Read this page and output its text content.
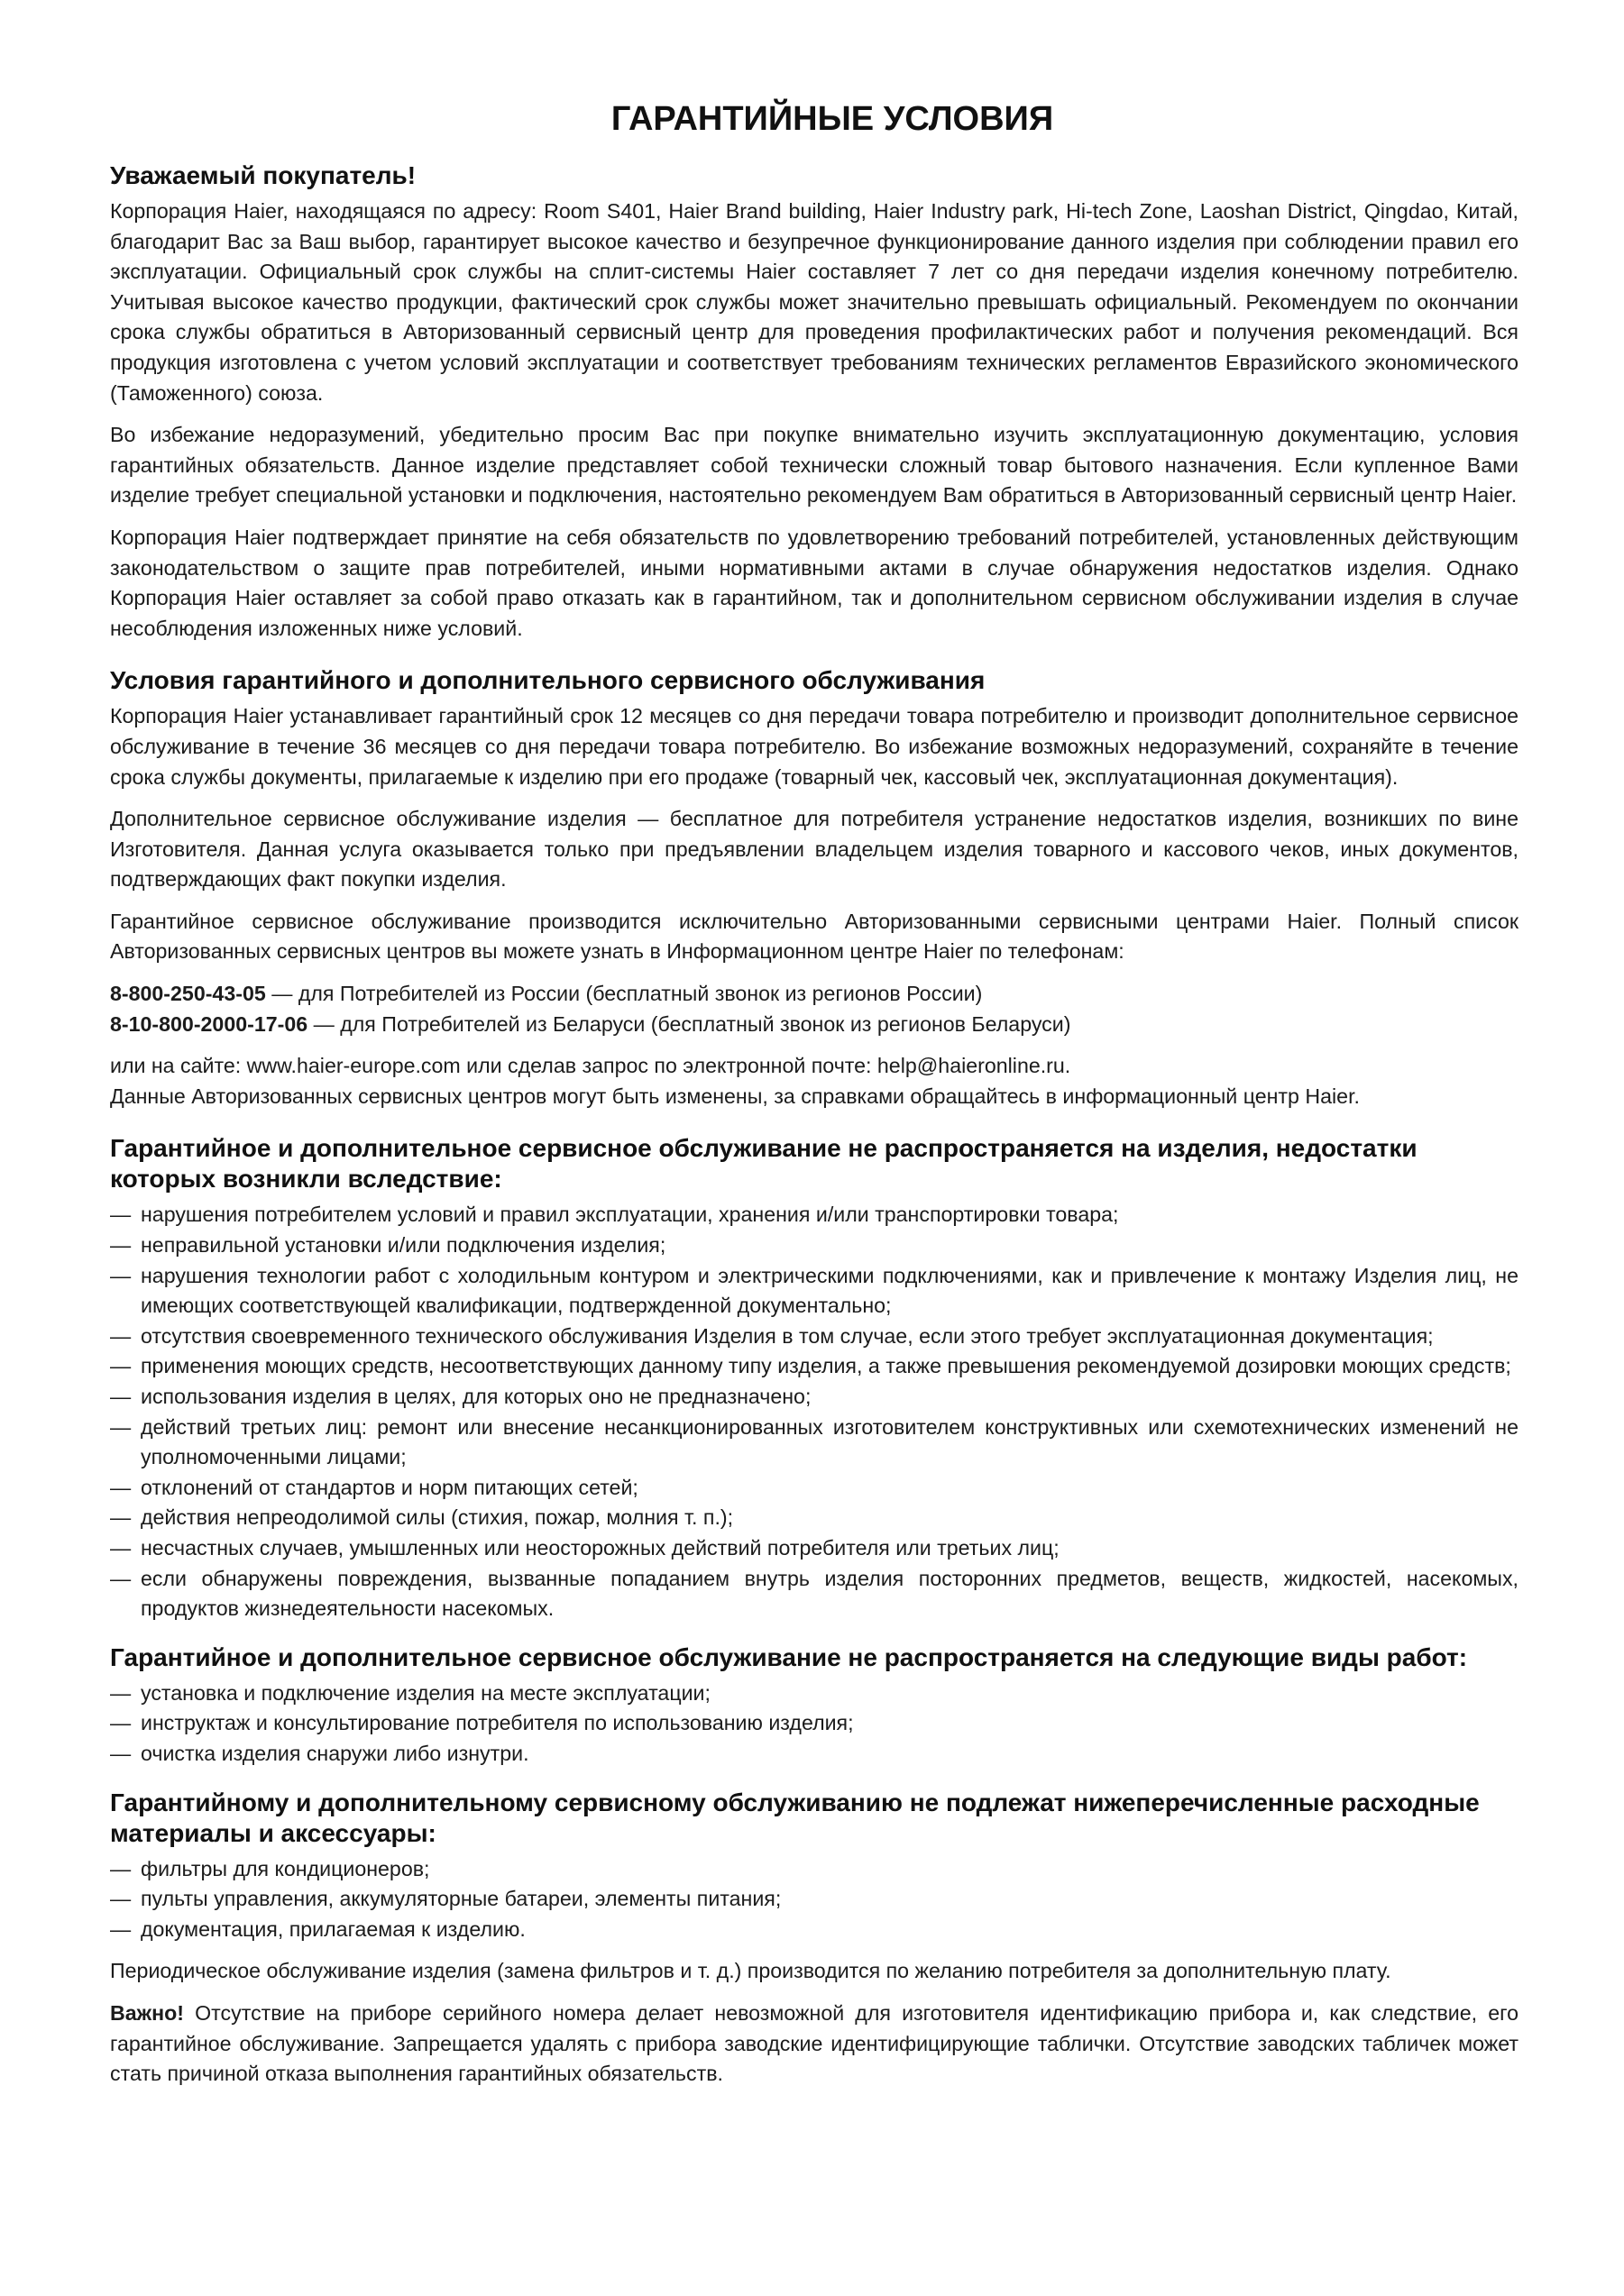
ГАРАНТИЙНЫЕ УСЛОВИЯ
Уважаемый покупатель!

Корпорация Haier, находящаяся по адресу: Room S401, Haier Brand building, Haier Industry park, Hi-tech Zone, Laoshan District, Qingdao, Китай, благодарит Вас за Ваш выбор, гарантирует высокое качество и безупречное функционирование данного изделия при соблюдении правил его эксплуатации. Официальный срок службы на сплит-системы Haier составляет 7 лет со дня передачи изделия конечному потребителю. Учитывая высокое качество продукции, фактический срок службы может значительно превышать официальный. Рекомендуем по окончании срока службы обратиться в Авторизованный сервисный центр для проведения профилактических работ и получения рекомендаций. Вся продукция изготовлена с учетом условий эксплуатации и соответствует требованиям технических регламентов Евразийского экономического (Таможенного) союза.

Во избежание недоразумений, убедительно просим Вас при покупке внимательно изучить эксплуатационную документацию, условия гарантийных обязательств. Данное изделие представляет собой технически сложный товар бытового назначения. Если купленное Вами изделие требует специальной установки и подключения, настоятельно рекомендуем Вам обратиться в Авторизованный сервисный центр Haier.

Корпорация Haier подтверждает принятие на себя обязательств по удовлетворению требований потребителей, установленных действующим законодательством о защите прав потребителей, иными нормативными актами в случае обнаружения недостатков изделия. Однако Корпорация Haier оставляет за собой право отказать как в гарантийном, так и дополнительном сервисном обслуживании изделия в случае несоблюдения изложенных ниже условий.

Условия гарантийного и дополнительного сервисного обслуживания

Корпорация Haier устанавливает гарантийный срок 12 месяцев со дня передачи товара потребителю и производит дополнительное сервисное обслуживание в течение 36 месяцев со дня передачи товара потребителю. Во избежание возможных недоразумений, сохраняйте в течение срока службы документы, прилагаемые к изделию при его продаже (товарный чек, кассовый чек, эксплуатационная документация).

Дополнительное сервисное обслуживание изделия — бесплатное для потребителя устранение недостатков изделия, возникших по вине Изготовителя. Данная услуга оказывается только при предъявлении владельцем изделия товарного и кассового чеков, иных документов, подтверждающих факт покупки изделия.

Гарантийное сервисное обслуживание производится исключительно Авторизованными сервисными центрами Haier. Полный список Авторизованных сервисных центров вы можете узнать в Информационном центре Haier по телефонам:

8-800-250-43-05 — для Потребителей из России (бесплатный звонок из регионов России)
8-10-800-2000-17-06 — для Потребителей из Беларуси (бесплатный звонок из регионов Беларуси)
или на сайте: www.haier-europe.com или сделав запрос по электронной почте: help@haieronline.ru.
Данные Авторизованных сервисных центров могут быть изменены, за справками обращайтесь в информационный центр Haier.
Гарантийное и дополнительное сервисное обслуживание не распространяется на изделия, недостатки которых возникли вследствие:
— нарушения потребителем условий и правил эксплуатации, хранения и/или транспортировки товара;
— неправильной установки и/или подключения изделия;
— нарушения технологии работ с холодильным контуром и электрическими подключениями, как и привлечение к монтажу Изделия лиц, не имеющих соответствующей квалификации, подтвержденной документально;
— отсутствия своевременного технического обслуживания Изделия в том случае, если этого требует эксплуатационная документация;
— применения моющих средств, несоответствующих данному типу изделия, а также превышения рекомендуемой дозировки моющих средств;
— использования изделия в целях, для которых оно не предназначено;
— действий третьих лиц: ремонт или внесение несанкционированных изготовителем конструктивных или схемотехнических изменений не уполномоченными лицами;
— отклонений от стандартов и норм питающих сетей;
— действия непреодолимой силы (стихия, пожар, молния т. п.);
— несчастных случаев, умышленных или неосторожных действий потребителя или третьих лиц;
— если обнаружены повреждения, вызванные попаданием внутрь изделия посторонних предметов, веществ, жидкостей, насекомых, продуктов жизнедеятельности насекомых.
Гарантийное и дополнительное сервисное обслуживание не распространяется на следующие виды работ:
— установка и подключение изделия на месте эксплуатации;
— инструктаж и консультирование потребителя по использованию изделия;
— очистка изделия снаружи либо изнутри.
Гарантийному и дополнительному сервисному обслуживанию не подлежат нижеперечисленные расходные материалы и аксессуары:
— фильтры для кондиционеров;
— пульты управления, аккумуляторные батареи, элементы питания;
— документация, прилагаемая к изделию.

Периодическое обслуживание изделия (замена фильтров и т. д.) производится по желанию потребителя за дополнительную плату.

Важно! Отсутствие на приборе серийного номера делает невозможной для изготовителя идентификацию прибора и, как следствие, его гарантийное обслуживание. Запрещается удалять с прибора заводские идентифицирующие таблички. Отсутствие заводских табличек может стать причиной отказа выполнения гарантийных обязательств.
